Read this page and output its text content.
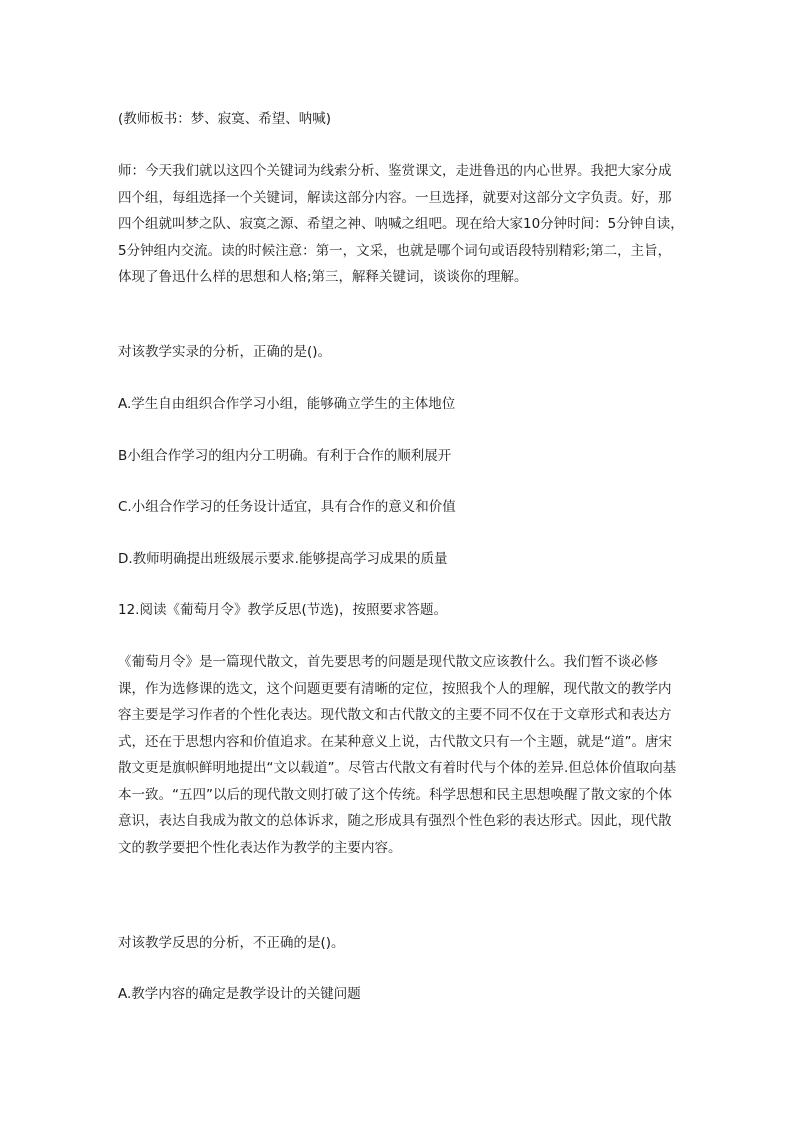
(教师板书：梦、寂寞、希望、呐喊)
师：今天我们就以这四个关键词为线索分析、鉴赏课文，走进鲁迅的内心世界。我把大家分成四个组，每组选择一个关键词，解读这部分内容。一旦选择，就要对这部分文字负责。好，那四个组就叫梦之队、寂寞之源、希望之神、呐喊之组吧。现在给大家10分钟时间：5分钟自读，5分钟组内交流。读的时候注意：第一，文采，也就是哪个词句或语段特别精彩;第二，主旨，体现了鲁迅什么样的思想和人格;第三，解释关键词，谈谈你的理解。
对该教学实录的分析，正确的是()。
A.学生自由组织合作学习小组，能够确立学生的主体地位
B小组合作学习的组内分工明确。有利于合作的顺利展开
C.小组合作学习的任务设计适宜，具有合作的意义和价值
D.教师明确提出班级展示要求.能够提高学习成果的质量
12.阅读《葡萄月令》教学反思(节选)，按照要求答题。
《葡萄月令》是一篇现代散文，首先要思考的问题是现代散文应该教什么。我们暂不谈必修课，作为选修课的选文，这个问题更要有清晰的定位，按照我个人的理解，现代散文的教学内容主要是学习作者的个性化表达。现代散文和古代散文的主要不同不仅在于文章形式和表达方式，还在于思想内容和价值追求。在某种意义上说，古代散文只有一个主题，就是“道”。唐宋散文更是旗帜鲜明地提出“文以载道”。尽管古代散文有着时代与个体的差异.但总体价值取向基本一致。“五四”以后的现代散文则打破了这个传统。科学思想和民主思想唤醒了散文家的个体意识，表达自我成为散文的总体诉求，随之形成具有强烈个性色彩的表达形式。因此，现代散文的教学要把个性化表达作为教学的主要内容。
对该教学反思的分析，不正确的是()。
A.教学内容的确定是教学设计的关键问题
